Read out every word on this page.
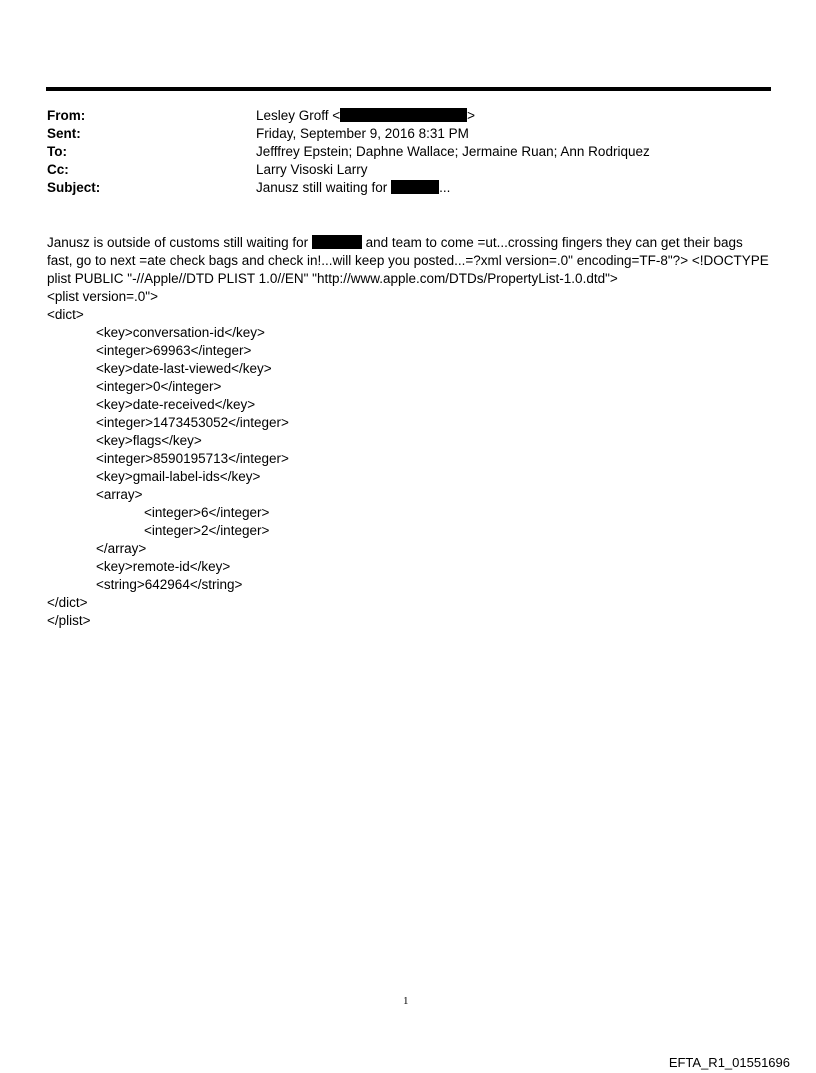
From:	Lesley Groff <	>
Sent:	Friday, September 9, 2016 8:31 PM
To:	Jefffrey Epstein; Daphne Wallace; Jermaine Ruan; Ann Rodriquez
Cc:	Larry Visoski Larry
Subject:	Janusz still waiting for	...
Janusz is outside of customs still waiting for	and team to come =ut...crossing fingers they can get their bags
fast, go to next =ate check bags and check in!...will keep you posted...=?xml version=.0" encoding=TF-8"?> <!DOCTYPE
plist PUBLIC "-//Apple//DTD PLIST 1.0//EN" "http://www.apple.com/DTDs/PropertyList-1.0.dtd">
<plist version=.0">
<dict>
<key>conversation-id</key>
<integer>69963</integer>
<key>date-last-viewed</key>
<integer>0</integer>
<key>date-received</key>
<integer>1473453052</integer>
<key>flags</key>
<integer>8590195713</integer>
<key>gmail-label-ids</key>
<array>
<integer>6</integer>
<integer>2</integer>
</array>
<key>remote-id</key>
<string>642964</string>
</dict>
</plist>
1
EFTA_R1_01551696
